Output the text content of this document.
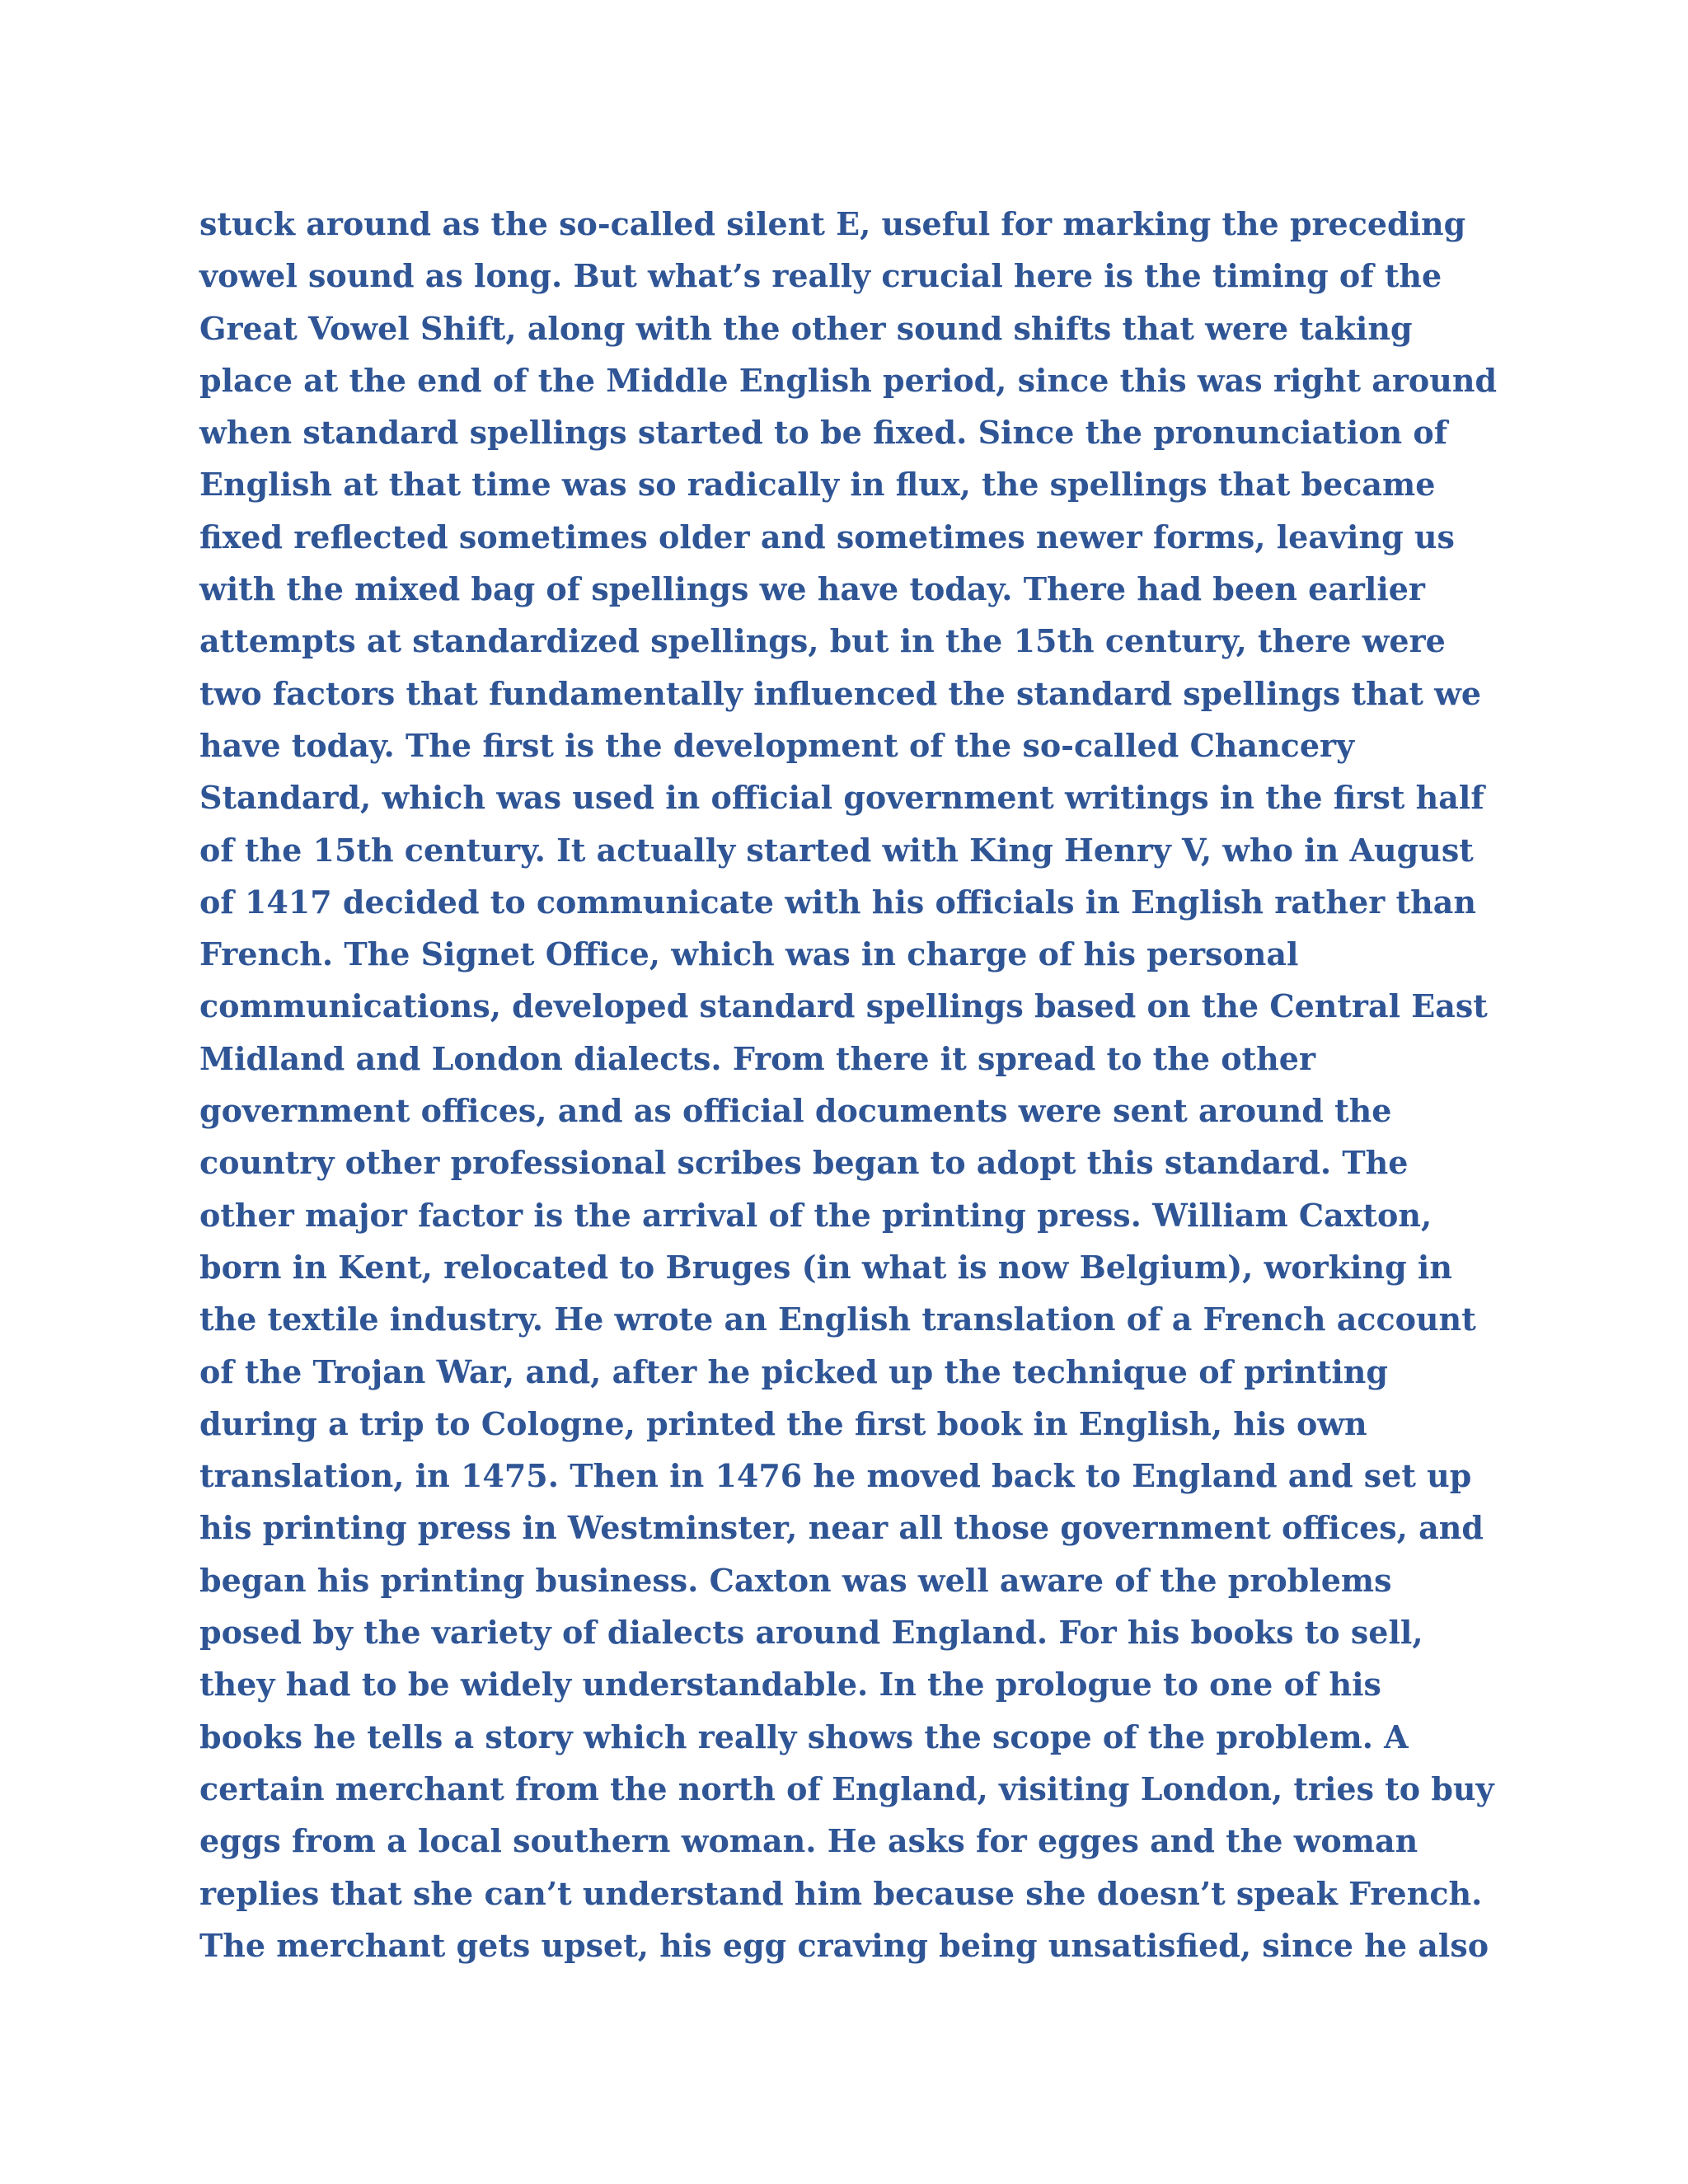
stuck around as the so-called silent E, useful for marking the preceding
vowel sound as long. But what’s really crucial here is the timing of the
Great Vowel Shift, along with the other sound shifts that were taking
place at the end of the Middle English period, since this was right around
when standard spellings started to be fixed. Since the pronunciation of
English at that time was so radically in flux, the spellings that became
fixed reflected sometimes older and sometimes newer forms, leaving us
with the mixed bag of spellings we have today. There had been earlier
attempts at standardized spellings, but in the 15th century, there were
two factors that fundamentally influenced the standard spellings that we
have today. The first is the development of the so-called Chancery
Standard, which was used in official government writings in the first half
of the 15th century. It actually started with King Henry V, who in August
of 1417 decided to communicate with his officials in English rather than
French. The Signet Office, which was in charge of his personal
communications, developed standard spellings based on the Central East
Midland and London dialects. From there it spread to the other
government offices, and as official documents were sent around the
country other professional scribes began to adopt this standard. The
other major factor is the arrival of the printing press. William Caxton,
born in Kent, relocated to Bruges (in what is now Belgium), working in
the textile industry. He wrote an English translation of a French account
of the Trojan War, and, after he picked up the technique of printing
during a trip to Cologne, printed the first book in English, his own
translation, in 1475. Then in 1476 he moved back to England and set up
his printing press in Westminster, near all those government offices, and
began his printing business. Caxton was well aware of the problems
posed by the variety of dialects around England. For his books to sell,
they had to be widely understandable. In the prologue to one of his
books he tells a story which really shows the scope of the problem. A
certain merchant from the north of England, visiting London, tries to buy
eggs from a local southern woman. He asks for egges and the woman
replies that she can’t understand him because she doesn’t speak French.
The merchant gets upset, his egg craving being unsatisfied, since he also
